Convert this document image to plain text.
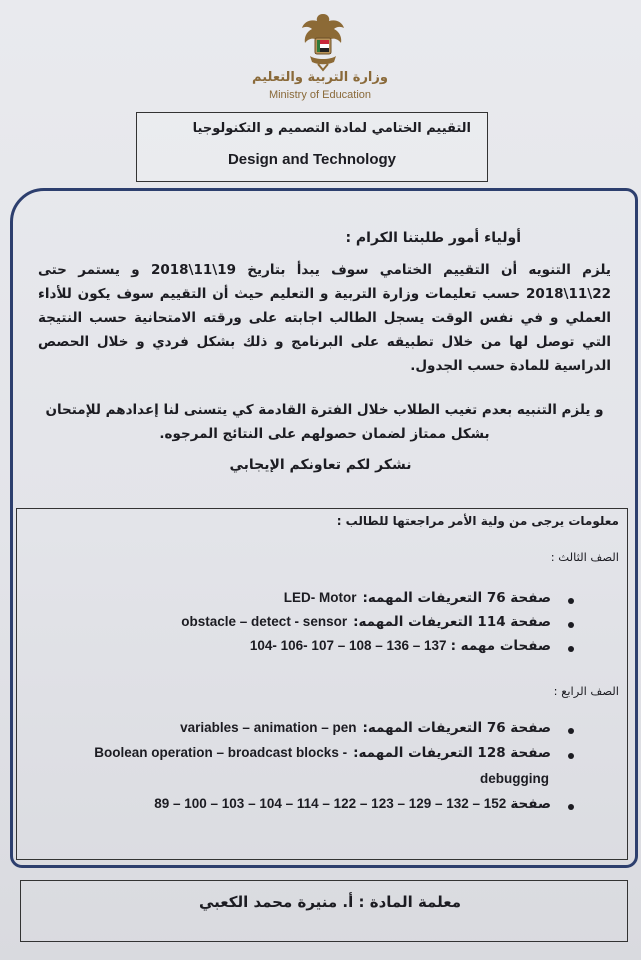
وزارة التربية والتعليم
Ministry of Education
التقييم الختامي لمادة التصميم و التكنولوجيا
Design and Technology
أولياء أمور طلبتنا الكرام :
يلزم التنويه أن التقييم الختامي سوف يبدأ بتاريخ 19\11\2018 و يستمر حتى 22\11\2018 حسب تعليمات وزارة التربية و التعليم حيث أن التقييم سوف يكون للأداء العملي و في نفس الوقت يسجل الطالب اجابته على ورقته الامتحانية حسب النتيجة التي توصل لها من خلال تطبيقه على البرنامج و ذلك بشكل فردي و خلال الحصص الدراسية للمادة حسب الجدول.
و يلزم التنبيه بعدم تغيب الطلاب خلال الفترة القادمة كي يتسنى لنا إعدادهم للإمتحان بشكل ممتاز لضمان حصولهم على النتائج المرجوه.
نشكر لكم تعاونكم الإيجابي
معلومات يرجى من ولية الأمر مراجعتها للطالب :
الصف الثالث :
صفحة 76 التعريفات المهمه:
LED- Motor
صفحة 114 التعريفات المهمه:
obstacle – detect - sensor
صفحات مهمه :
104- 106- 107 – 108 – 136 – 137
الصف الرابع :
صفحة 76 التعريفات المهمه:
variables – animation – pen
صفحة 128 التعريفات المهمه:
Boolean operation – broadcast blocks -
debugging
صفحة
89 – 100 – 103 – 104 – 114 – 122 – 123 – 129 – 132 – 152
معلمة المادة : أ. منيرة محمد الكعبي
